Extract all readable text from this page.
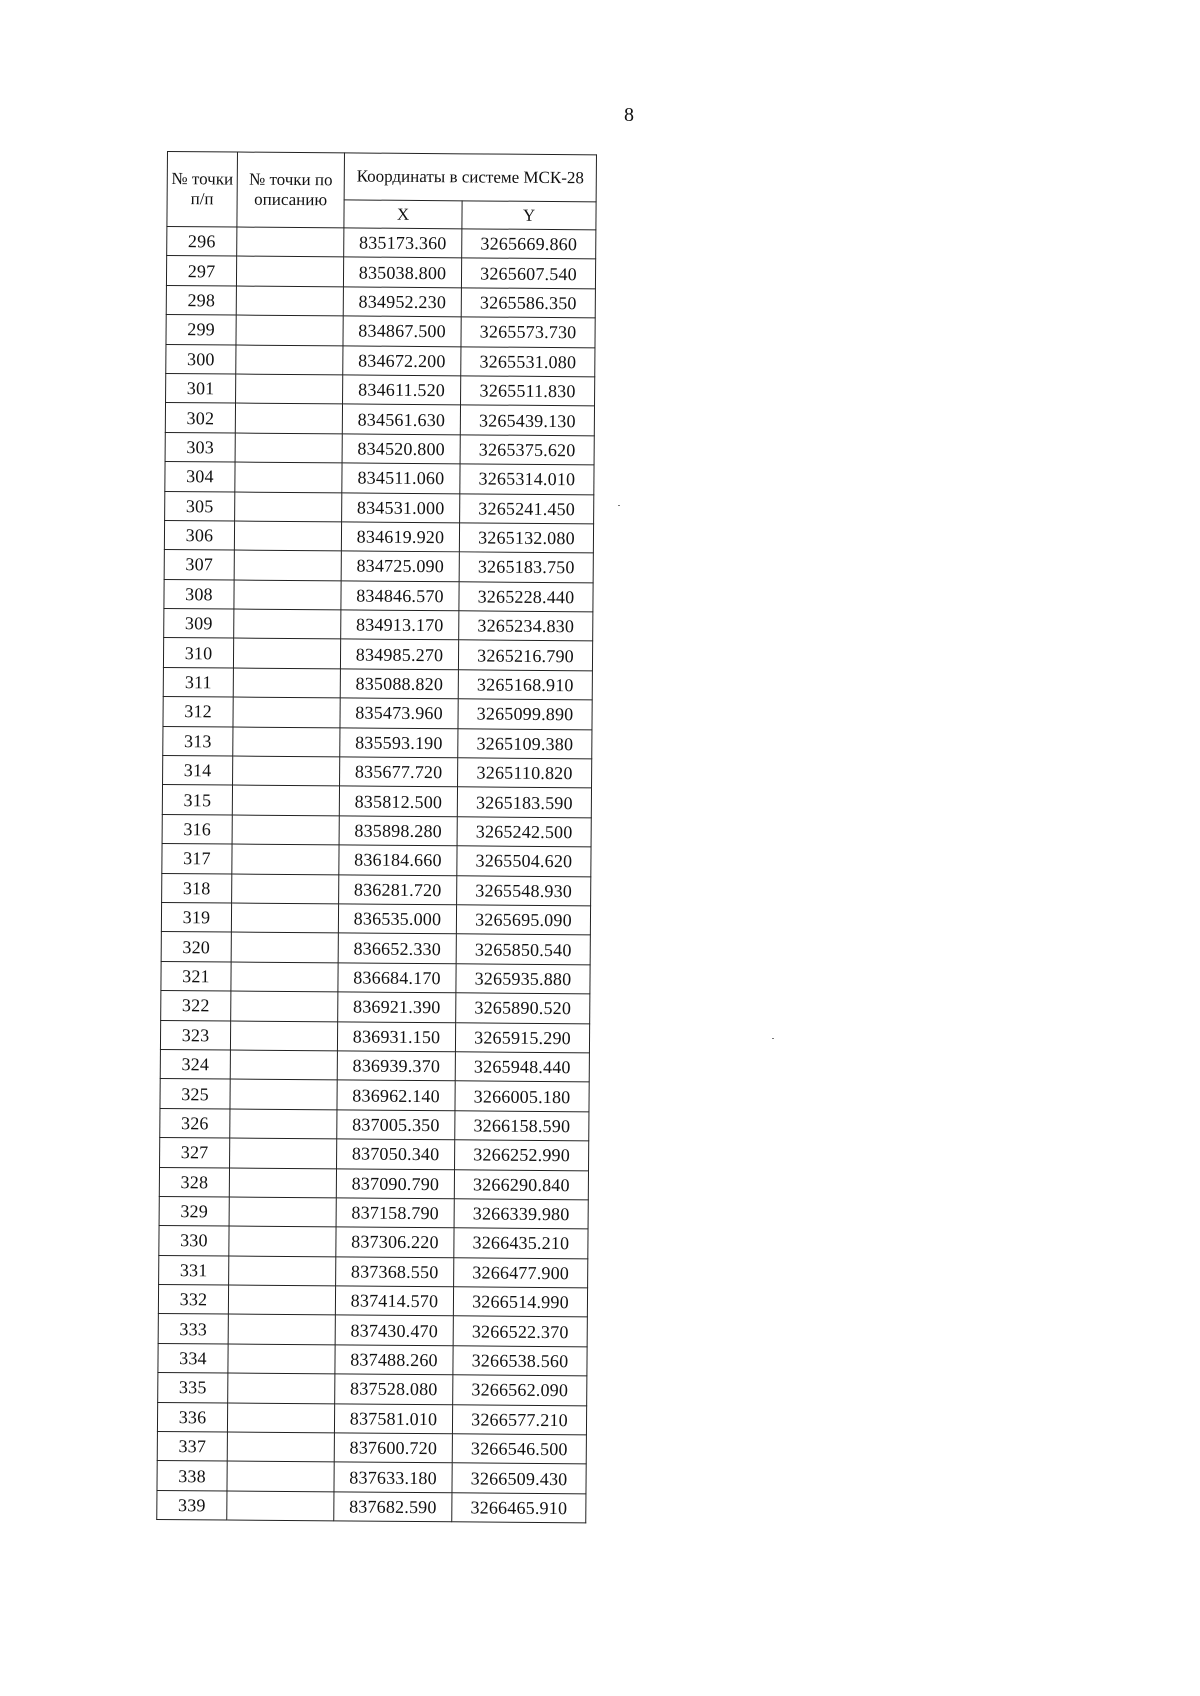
8
№ точки п/п	№ точки по описанию	Координаты в системе МСК-28	
		X	Y
296		835173.360	3265669.860
297		835038.800	3265607.540
298		834952.230	3265586.350
299		834867.500	3265573.730
300		834672.200	3265531.080
301		834611.520	3265511.830
302		834561.630	3265439.130
303		834520.800	3265375.620
304		834511.060	3265314.010
305		834531.000	3265241.450
306		834619.920	3265132.080
307		834725.090	3265183.750
308		834846.570	3265228.440
309		834913.170	3265234.830
310		834985.270	3265216.790
311		835088.820	3265168.910
312		835473.960	3265099.890
313		835593.190	3265109.380
314		835677.720	3265110.820
315		835812.500	3265183.590
316		835898.280	3265242.500
317		836184.660	3265504.620
318		836281.720	3265548.930
319		836535.000	3265695.090
320		836652.330	3265850.540
321		836684.170	3265935.880
322		836921.390	3265890.520
323		836931.150	3265915.290
324		836939.370	3265948.440
325		836962.140	3266005.180
326		837005.350	3266158.590
327		837050.340	3266252.990
328		837090.790	3266290.840
329		837158.790	3266339.980
330		837306.220	3266435.210
331		837368.550	3266477.900
332		837414.570	3266514.990
333		837430.470	3266522.370
334		837488.260	3266538.560
335		837528.080	3266562.090
336		837581.010	3266577.210
337		837600.720	3266546.500
338		837633.180	3266509.430
339		837682.590	3266465.910
